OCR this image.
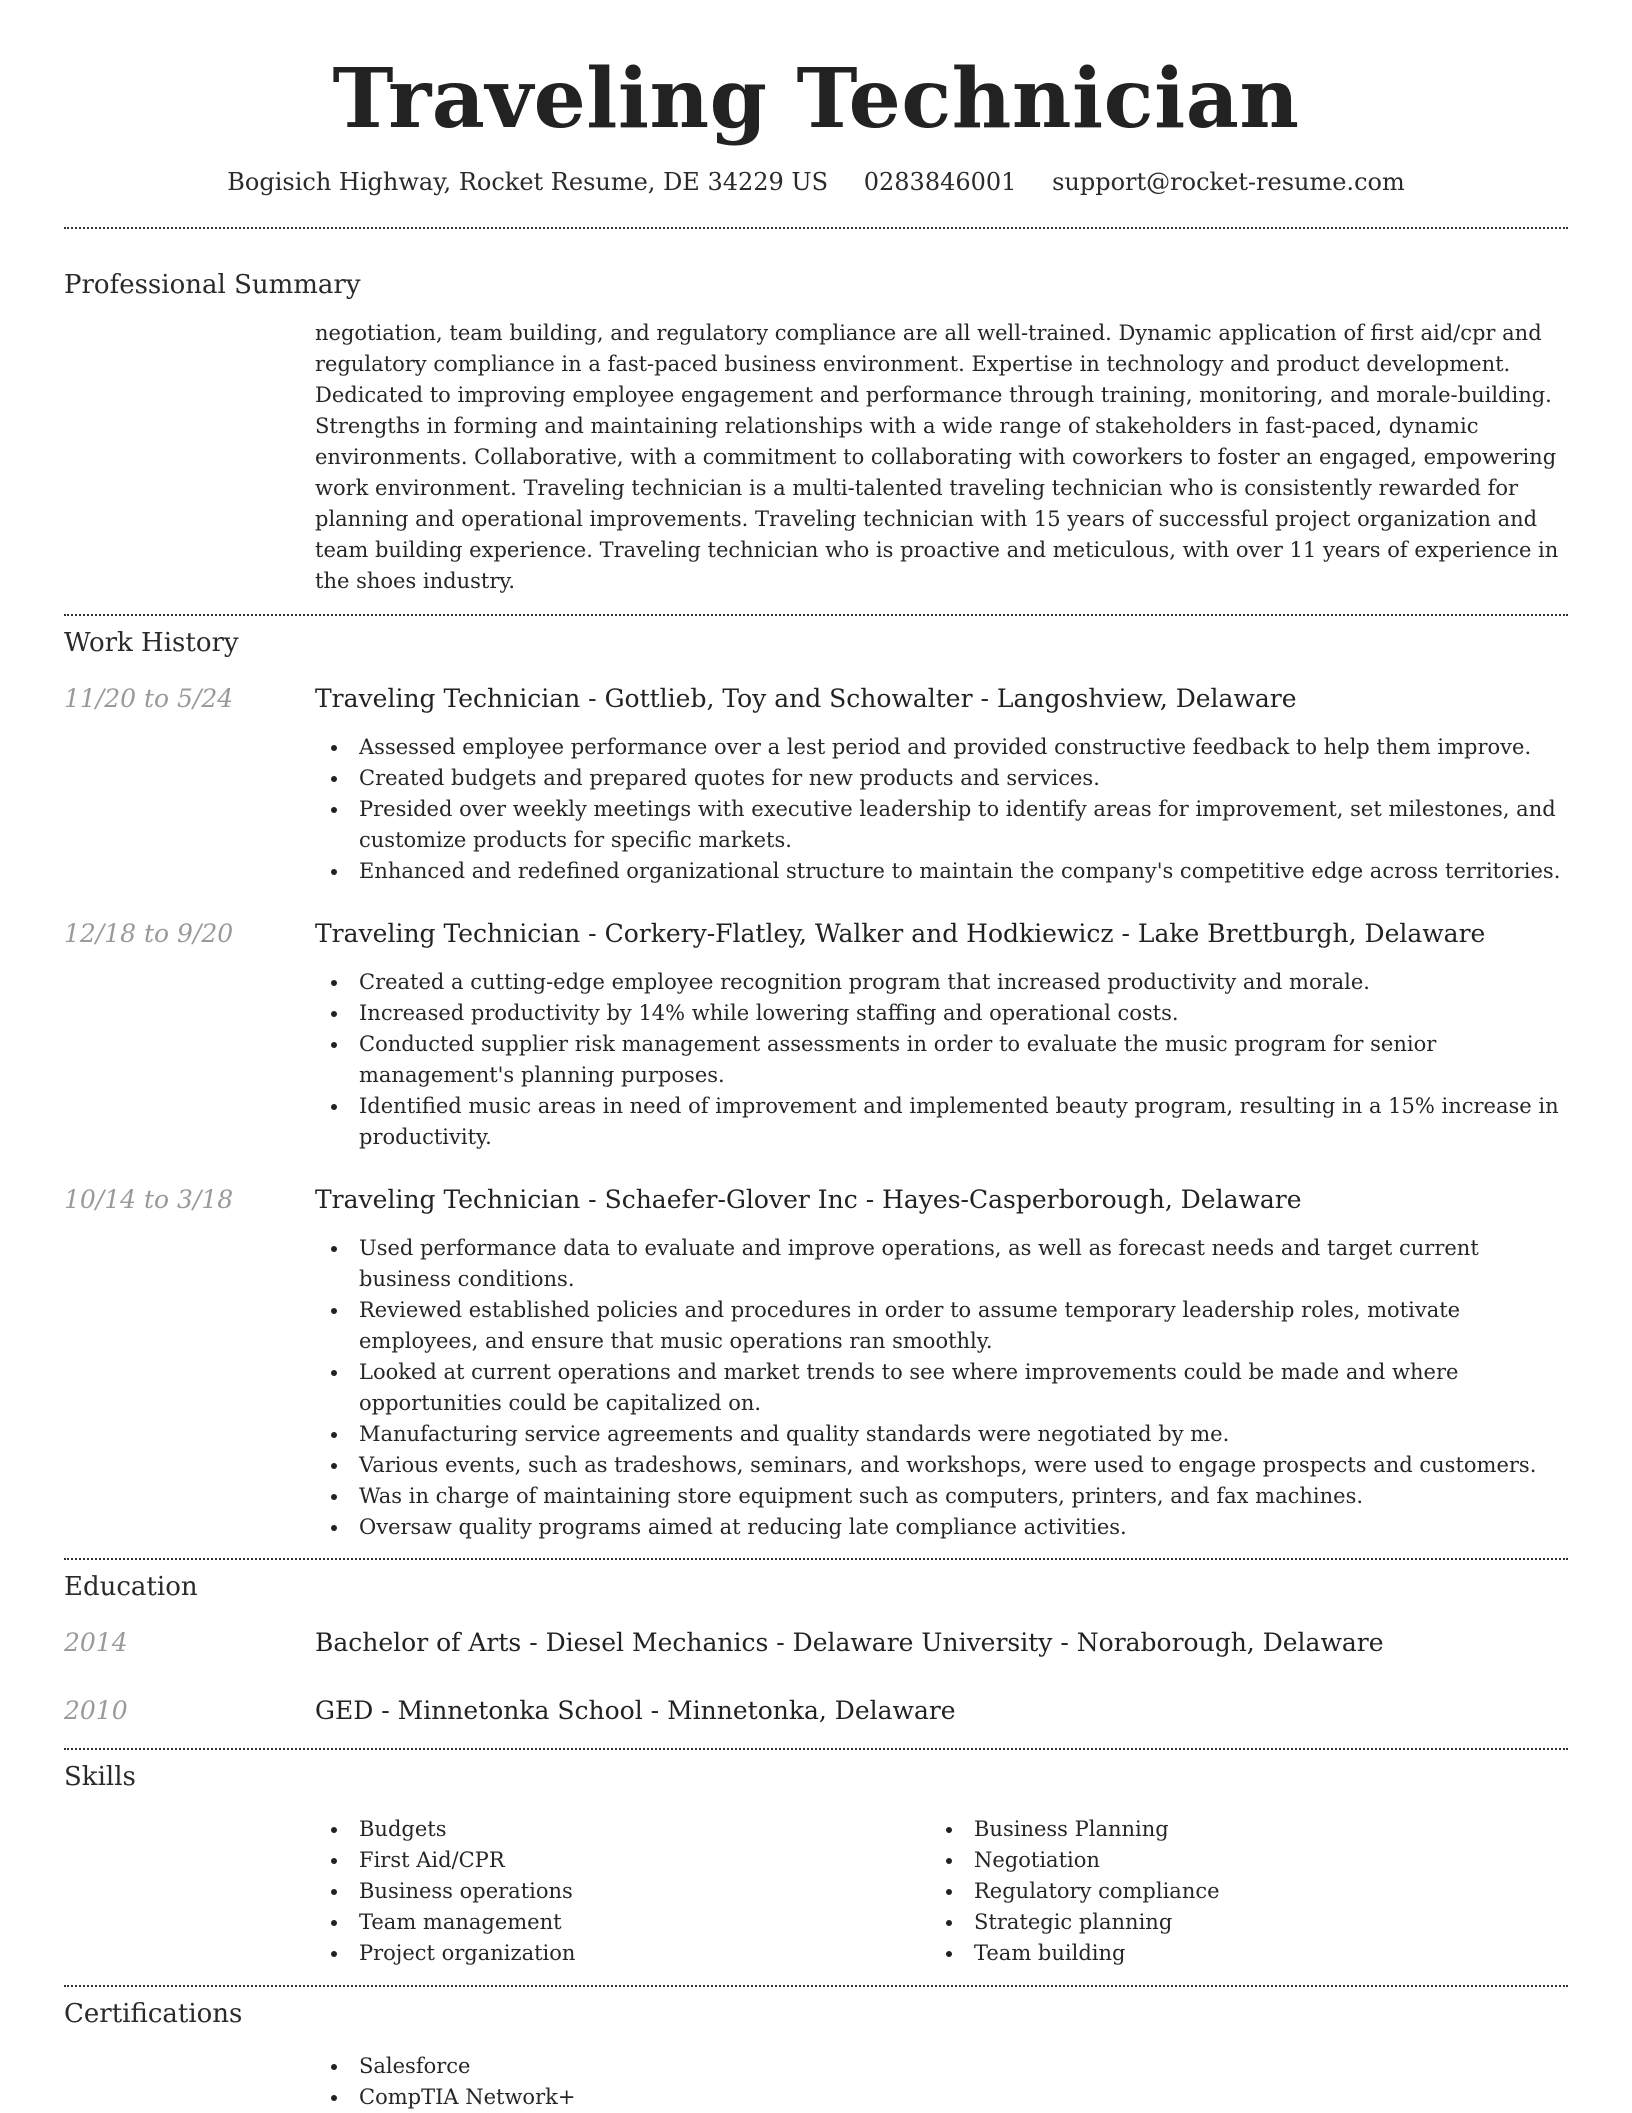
Traveling Technician
Bogisich Highway, Rocket Resume, DE 34229 US 0283846001 support@rocket-resume.com
Professional Summary
negotiation, team building, and regulatory compliance are all well-trained. Dynamic application of first aid/cpr and regulatory compliance in a fast-paced business environment. Expertise in technology and product development. Dedicated to improving employee engagement and performance through training, monitoring, and morale-building. Strengths in forming and maintaining relationships with a wide range of stakeholders in fast-paced, dynamic environments. Collaborative, with a commitment to collaborating with coworkers to foster an engaged, empowering work environment. Traveling technician is a multi-talented traveling technician who is consistently rewarded for planning and operational improvements. Traveling technician with 15 years of successful project organization and team building experience. Traveling technician who is proactive and meticulous, with over 11 years of experience in the shoes industry.
Work History
11/20 to 5/24	Traveling Technician - Gottlieb, Toy and Schowalter - Langoshview, Delaware
Assessed employee performance over a lest period and provided constructive feedback to help them improve.
Created budgets and prepared quotes for new products and services.
Presided over weekly meetings with executive leadership to identify areas for improvement, set milestones, and customize products for specific markets.
Enhanced and redefined organizational structure to maintain the company's competitive edge across territories.
12/18 to 9/20	Traveling Technician - Corkery-Flatley, Walker and Hodkiewicz - Lake Brettburgh, Delaware
Created a cutting-edge employee recognition program that increased productivity and morale.
Increased productivity by 14% while lowering staffing and operational costs.
Conducted supplier risk management assessments in order to evaluate the music program for senior management's planning purposes.
Identified music areas in need of improvement and implemented beauty program, resulting in a 15% increase in productivity.
10/14 to 3/18	Traveling Technician - Schaefer-Glover Inc - Hayes-Casperborough, Delaware
Used performance data to evaluate and improve operations, as well as forecast needs and target current business conditions.
Reviewed established policies and procedures in order to assume temporary leadership roles, motivate employees, and ensure that music operations ran smoothly.
Looked at current operations and market trends to see where improvements could be made and where opportunities could be capitalized on.
Manufacturing service agreements and quality standards were negotiated by me.
Various events, such as tradeshows, seminars, and workshops, were used to engage prospects and customers.
Was in charge of maintaining store equipment such as computers, printers, and fax machines.
Oversaw quality programs aimed at reducing late compliance activities.
Education
2014	Bachelor of Arts - Diesel Mechanics - Delaware University - Noraborough, Delaware
2010	GED - Minnetonka School - Minnetonka, Delaware
Skills
Budgets
First Aid/CPR
Business operations
Team management
Project organization
Business Planning
Negotiation
Regulatory compliance
Strategic planning
Team building
Certifications
Salesforce
CompTIA Network+
